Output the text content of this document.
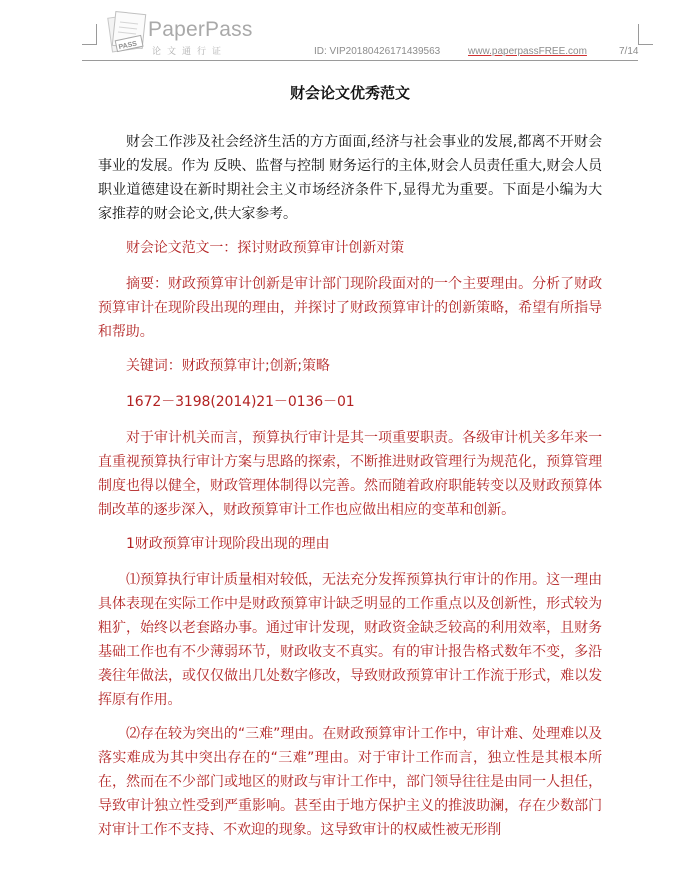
PASS
PaperPass
论文通行证	ID: VIP20180426171439563	www.paperpassFREE.com	7/14
财会论文优秀范文

财会工作涉及社会经济生活的方方面面,经济与社会事业的发展,都离不开财会事业的发展。作为 反映、监督与控制 财务运行的主体,财会人员责任重大,财会人员职业道德建设在新时期社会主义市场经济条件下,显得尤为重要。下面是小编为大家推荐的财会论文,供大家参考。

财会论文范文一：探讨财政预算审计创新对策

摘要：财政预算审计创新是审计部门现阶段面对的一个主要理由。分析了财政预算审计在现阶段出现的理由，并探讨了财政预算审计的创新策略，希望有所指导和帮助。

关键词：财政预算审计;创新;策略

1672－3198(2014)21－0136－01

对于审计机关而言，预算执行审计是其一项重要职责。各级审计机关多年来一直重视预算执行审计方案与思路的探索，不断推进财政管理行为规范化，预算管理制度也得以健全，财政管理体制得以完善。然而随着政府职能转变以及财政预算体制改革的逐步深入，财政预算审计工作也应做出相应的变革和创新。

1财政预算审计现阶段出现的理由

⑴预算执行审计质量相对较低，无法充分发挥预算执行审计的作用。这一理由具体表现在实际工作中是财政预算审计缺乏明显的工作重点以及创新性，形式较为粗犷，始终以老套路办事。通过审计发现，财政资金缺乏较高的利用效率，且财务基础工作也有不少薄弱环节，财政收支不真实。有的审计报告格式数年不变，多沿袭往年做法，或仅仅做出几处数字修改，导致财政预算审计工作流于形式，难以发挥原有作用。

⑵存在较为突出的“三难”理由。在财政预算审计工作中，审计难、处理难以及落实难成为其中突出存在的“三难”理由。对于审计工作而言，独立性是其根本所在，然而在不少部门或地区的财政与审计工作中，部门领导往往是由同一人担任，导致审计独立性受到严重影响。甚至由于地方保护主义的推波助澜，存在少数部门对审计工作不支持、不欢迎的现象。这导致审计的权威性被无形削
